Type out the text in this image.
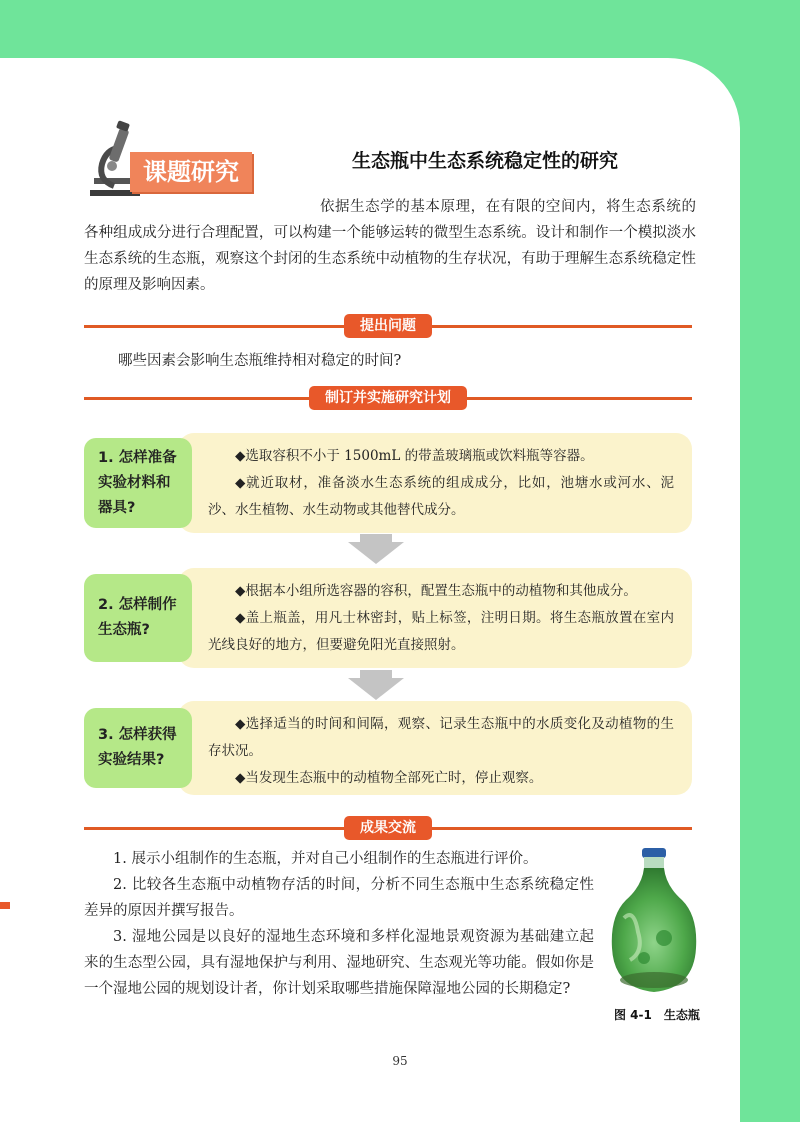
课题研究	生态瓶中生态系统稳定性的研究

依据生态学的基本原理，在有限的空间内，将生态系统的各种组成成分进行合理配置，可以构建一个能够运转的微型生态系统。设计和制作一个模拟淡水生态系统的生态瓶，观察这个封闭的生态系统中动植物的生存状况，有助于理解生态系统稳定性的原理及影响因素。

提出问题

哪些因素会影响生态瓶维持相对稳定的时间?

制订并实施研究计划

◆选取容积不小于 1500mL 的带盖玻璃瓶或饮料瓶等容器。

◆就近取材，准备淡水生态系统的组成成分，比如，池塘水或河水、泥沙、水生植物、水生动物或其他替代成分。

1. 怎样准备实验材料和器具?

◆根据本小组所选容器的容积，配置生态瓶中的动植物和其他成分。

◆盖上瓶盖，用凡士林密封，贴上标签，注明日期。将生态瓶放置在室内光线良好的地方，但要避免阳光直接照射。

2. 怎样制作生态瓶?

◆选择适当的时间和间隔，观察、记录生态瓶中的水质变化及动植物的生存状况。

◆当发现生态瓶中的动植物全部死亡时，停止观察。

3. 怎样获得实验结果?
成果交流

1. 展示小组制作的生态瓶，并对自己小组制作的生态瓶进行评价。

2. 比较各生态瓶中动植物存活的时间，分析不同生态瓶中生态系统稳定性差异的原因并撰写报告。

3. 湿地公园是以良好的湿地生态环境和多样化湿地景观资源为基础建立起来的生态型公园，具有湿地保护与利用、湿地研究、生态观光等功能。假如你是一个湿地公园的规划设计者，你计划采取哪些措施保障湿地公园的长期稳定?

图 4-1　生态瓶
95
